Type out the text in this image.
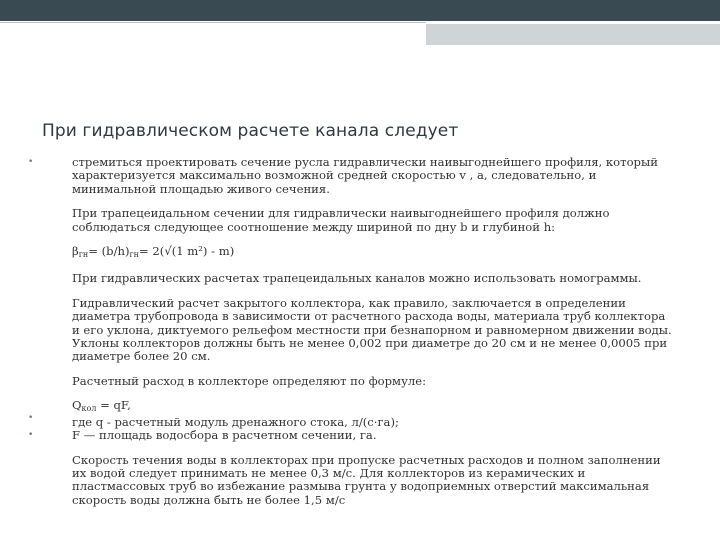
При гидравлическом расчете канала следует
•	стремиться проектировать сечение русла гидравлически наивыгоднейшего профиля, который характеризуется максимально возможной средней скоростью v , а, следовательно, и минимальной площадью живого сечения.

При трапецеидальном сечении для гидравлически наивыгоднейшего профиля должно соблюдаться следующее соотношение между шириной по дну b и глубиной h:

$\beta_{гн}= (b/h)_{гн}= 2(√(1$ m²) - m)

При гидравлических расчетах трапецеидальных каналов можно использовать номограммы.

Гидравлический расчет закрытого коллектора, как правило, заключается в определении диаметра трубопровода в зависимости от расчетного расхода воды, материала труб коллектора и его уклона, диктуемого рельефом местности при безнапорном и равномерном движении воды. Уклоны коллекторов должны быть не менее 0,002 при диаметре до 20 см и не менее 0,0005 при диаметре более 20 см.

Расчетный расход в коллекторе определяют по формуле:

$Q_{кол}$ = qF,

•	где q - расчетный модуль дренажного стока, л/(с·га);

•	F — площадь водосбора в расчетном сечении, га.

Скорость течения воды в коллекторах при пропуске расчетных расходов и полном заполнении их водой следует принимать не менее 0,3 м/с. Для коллекторов из керамических и пластмассовых труб во избежание размыва грунта у водоприемных отверстий максимальная скорость воды должна быть не более 1,5 м/с
